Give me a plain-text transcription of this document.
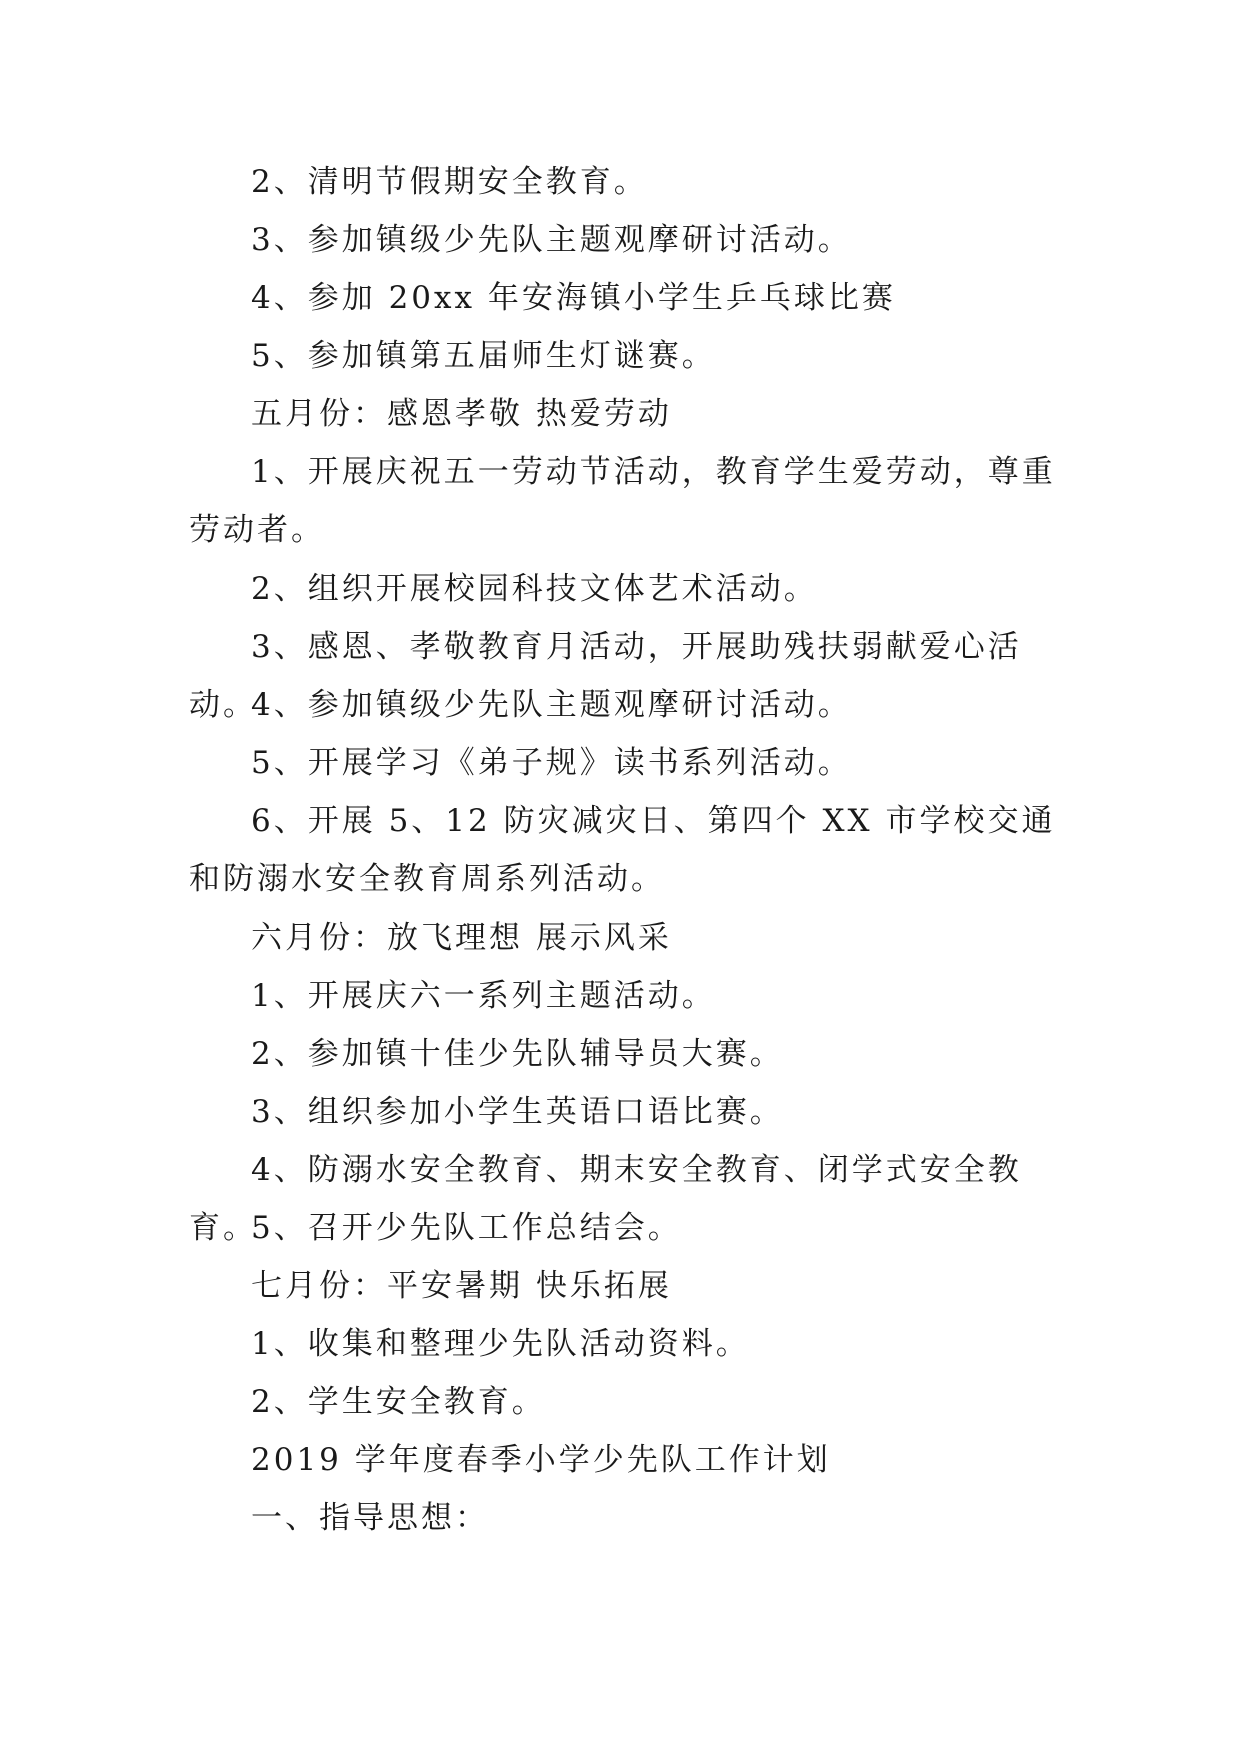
2、清明节假期安全教育。

3、参加镇级少先队主题观摩研讨活动。

4、参加 20xx 年安海镇小学生乒乓球比赛

5、参加镇第五届师生灯谜赛。

五月份：感恩孝敬 热爱劳动

1、开展庆祝五一劳动节活动，教育学生爱劳动，尊重劳动者。

2、组织开展校园科技文体艺术活动。

3、感恩、孝敬教育月活动，开展助残扶弱献爱心活动。

4、参加镇级少先队主题观摩研讨活动。

5、开展学习《弟子规》读书系列活动。

6、开展 5、12 防灾减灾日、第四个 XX 市学校交通和防溺水安全教育周系列活动。

六月份：放飞理想 展示风采

1、开展庆六一系列主题活动。

2、参加镇十佳少先队辅导员大赛。

3、组织参加小学生英语口语比赛。

4、防溺水安全教育、期末安全教育、闭学式安全教育。

5、召开少先队工作总结会。

七月份：平安暑期 快乐拓展

1、收集和整理少先队活动资料。

2、学生安全教育。

2019 学年度春季小学少先队工作计划

一、指导思想：
